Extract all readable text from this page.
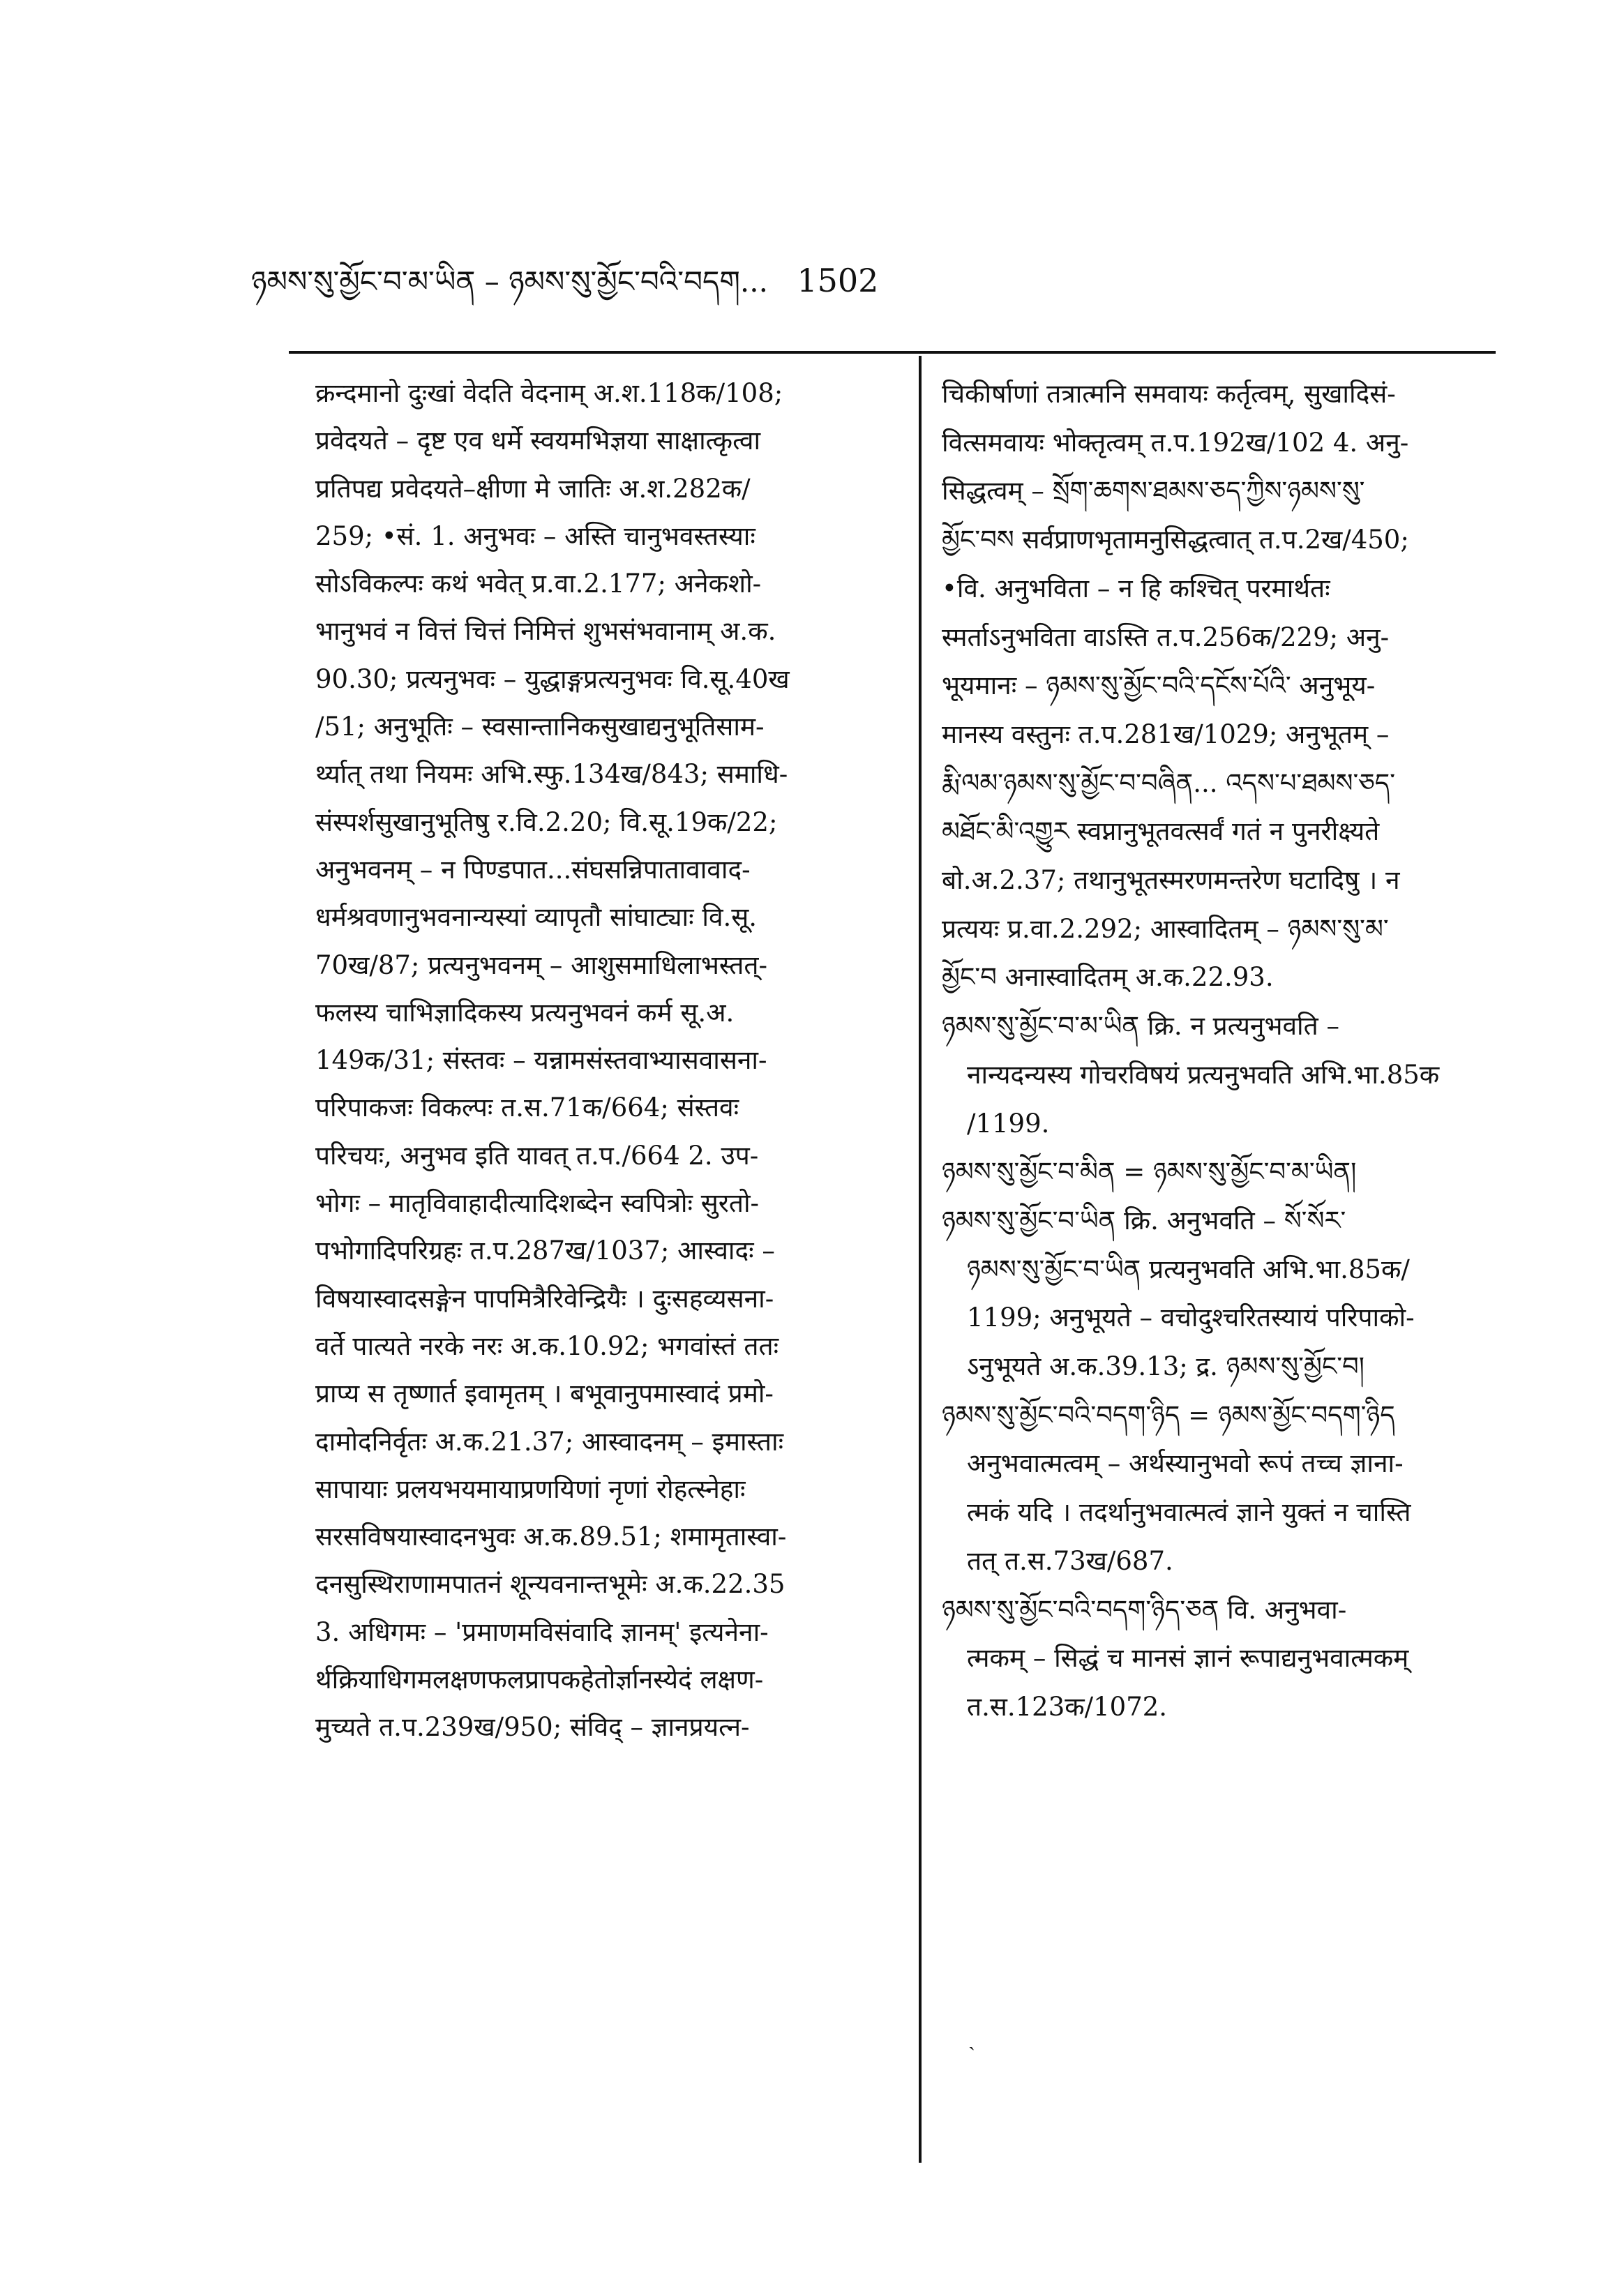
ཉམས་སུ་མྱོང་བ་མ་ཡིན – ཉམས་སུ་མྱོང་བའི་བདག... 1502
क्रन्दमानो दुःखां वेदति वेदनाम् अ.श.118क/108;
प्रवेदयते – दृष्ट एव धर्मे स्वयमभिज्ञया साक्षात्कृत्वा
प्रतिपद्य प्रवेदयते–क्षीणा मे जातिः अ.श.282क/
259; •सं. 1. अनुभवः – अस्ति चानुभवस्तस्याः
सोऽविकल्पः कथं भवेत् प्र.वा.2.177; अनेकशो-
भानुभवं न वित्तं चित्तं निमित्तं शुभसंभवानाम् अ.क.
90.30; प्रत्यनुभवः – युद्धाङ्गप्रत्यनुभवः वि.सू.40ख
/51; अनुभूतिः – स्वसान्तानिकसुखाद्यनुभूतिसाम-
र्थ्यात् तथा नियमः अभि.स्फु.134ख/843; समाधि-
संस्पर्शसुखानुभूतिषु र.वि.2.20; वि.सू.19क/22;
अनुभवनम् – न पिण्डपात...संघसन्निपातावावाद-
धर्मश्रवणानुभवनान्यस्यां व्यापृतौ सांघाट्याः वि.सू.
70ख/87; प्रत्यनुभवनम् – आशुसमाधिलाभस्तत्-
फलस्य चाभिज्ञादिकस्य प्रत्यनुभवनं कर्म सू.अ.
149क/31; संस्तवः – यन्नामसंस्तवाभ्यासवासना-
परिपाकजः विकल्पः त.स.71क/664; संस्तवः
परिचयः, अनुभव इति यावत् त.प./664 2. उप-
भोगः – मातृविवाहादीत्यादिशब्देन स्वपित्रोः सुरतो-
पभोगादिपरिग्रहः त.प.287ख/1037; आस्वादः –
विषयास्वादसङ्गेन पापमित्रैरिवेन्द्रियैः । दुःसहव्यसना-
वर्ते पात्यते नरके नरः अ.क.10.92; भगवांस्तं ततः
प्राप्य स तृष्णार्त इवामृतम् । बभूवानुपमास्वादं प्रमो-
दामोदनिर्वृतः अ.क.21.37; आस्वादनम् – इमास्ताः
सापायाः प्रलयभयमायाप्रणयिणां नृणां रोहत्स्नेहाः
सरसविषयास्वादनभुवः अ.क.89.51; शमामृतास्वा-
दनसुस्थिराणामपातनं शून्यवनान्तभूमेः अ.क.22.35
3. अधिगमः – 'प्रमाणमविसंवादि ज्ञानम्' इत्यनेना-
र्थक्रियाधिगमलक्षणफलप्रापकहेतोर्ज्ञानस्येदं लक्षण-
मुच्यते त.प.239ख/950; संविद् – ज्ञानप्रयत्न-
चिकीर्षाणां तत्रात्मनि समवायः कर्तृत्वम्, सुखादिसं-
वित्समवायः भोक्तृत्वम् त.प.192ख/102 4. अनु-
सिद्धत्वम् – སྲོག་ཆགས་ཐམས་ཅད་ཀྱིས་ཉམས་སུ་
མྱོང་བས सर्वप्राणभृतामनुसिद्धत्वात् त.प.2ख/450;
•वि. अनुभविता – न हि कश्चित् परमार्थतः
स्मर्ताऽनुभविता वाऽस्ति त.प.256क/229; अनु-
भूयमानः – ཉམས་སུ་མྱོང་བའི་དངོས་པོའི་ अनुभूय-
मानस्य वस्तुनः त.प.281ख/1029; अनुभूतम् –
རྨི་ལམ་ཉམས་སུ་མྱོང་བ་བཞིན... འདས་པ་ཐམས་ཅད་
མཐོང་མི་འགྱུར स्वप्नानुभूतवत्सर्वं गतं न पुनरीक्ष्यते
बो.अ.2.37; तथानुभूतस्मरणमन्तरेण घटादिषु । न
प्रत्ययः प्र.वा.2.292; आस्वादितम् – ཉམས་སུ་མ་
མྱོང་བ अनास्वादितम् अ.क.22.93.
ཉམས་སུ་མྱོང་བ་མ་ཡིན क्रि. न प्रत्यनुभवति –
नान्यदन्यस्य गोचरविषयं प्रत्यनुभवति अभि.भा.85क
/1199.
ཉམས་སུ་མྱོང་བ་མིན = ཉམས་སུ་མྱོང་བ་མ་ཡིན།
ཉམས་སུ་མྱོང་བ་ཡིན क्रि. अनुभवति – སོ་སོར་
ཉམས་སུ་མྱོང་བ་ཡིན प्रत्यनुभवति अभि.भा.85क/
1199; अनुभूयते – वचोदुश्चरितस्यायं परिपाको-
ऽनुभूयते अ.क.39.13; द्र. ཉམས་སུ་མྱོང་བ།
ཉམས་སུ་མྱོང་བའི་བདག་ཉིད = ཉམས་མྱོང་བདག་ཉིད
अनुभवात्मत्वम् – अर्थस्यानुभवो रूपं तच्च ज्ञाना-
त्मकं यदि । तदर्थानुभवात्मत्वं ज्ञाने युक्तं न चास्ति
तत् त.स.73ख/687.
ཉམས་སུ་མྱོང་བའི་བདག་ཉིད་ཅན वि. अनुभवा-
त्मकम् – सिद्धं च मानसं ज्ञानं रूपाद्यनुभवात्मकम्
त.स.123क/1072.
ˎ
